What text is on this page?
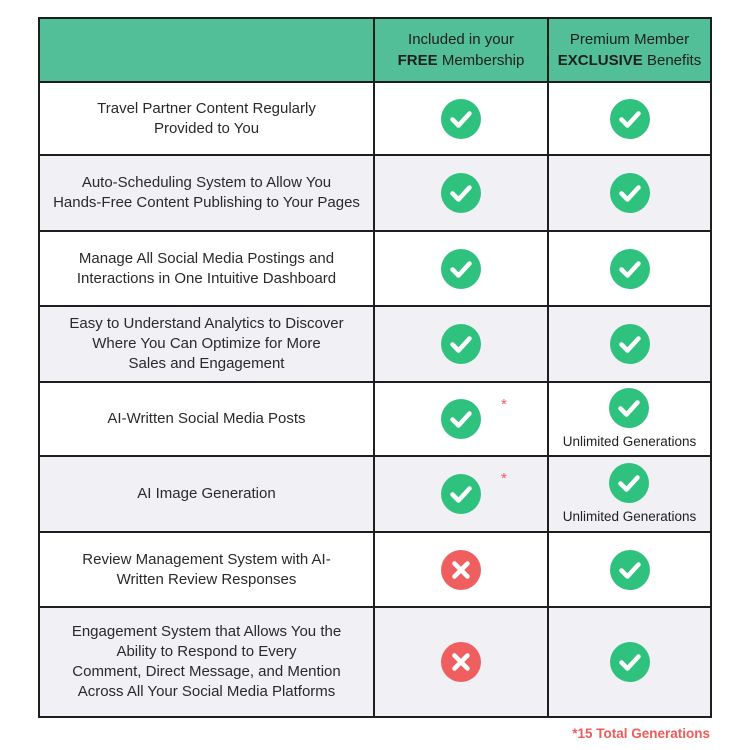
Included in your
FREE Membership
Premium Member
EXCLUSIVE Benefits
Travel Partner Content Regularly
Provided to You
Auto-Scheduling System to Allow You
Hands-Free Content Publishing to Your Pages
Manage All Social Media Postings and
Interactions in One Intuitive Dashboard
Easy to Understand Analytics to Discover
Where You Can Optimize for More
Sales and Engagement
AI-Written Social Media Posts
*
Unlimited Generations
AI Image Generation
*
Unlimited Generations
Review Management System with AI-
Written Review Responses
Engagement System that Allows You the
Ability to Respond to Every
Comment, Direct Message, and Mention
Across All Your Social Media Platforms
*15 Total Generations
